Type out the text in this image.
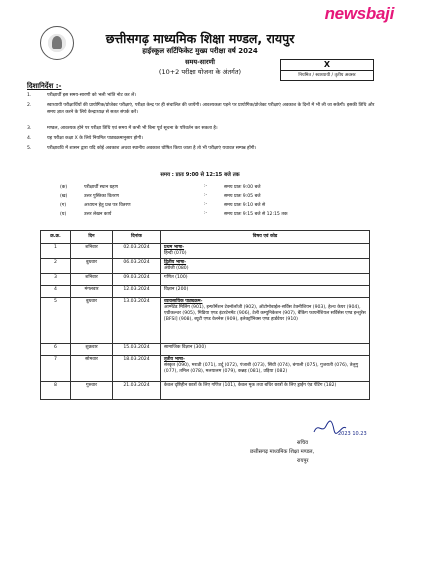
newsbaji
छत्तीसगढ़ माध्यमिक शिक्षा मण्डल, रायपुर
हाईस्कूल सर्टिफिकेट मुख्य परीक्षा वर्ष 2024
समय-सारणी
(10+2 परीक्षा योजना के अंतर्गत)
X
नियमित / स्वाध्यायी / तृतीय अवसर
दिशानिर्देश :-
1.	परीक्षार्थी इस समय-सारणी को भली भांति नोट कर लें।
2.	स्वाध्यायी परीक्षार्थियों की प्रायोगिक/प्रोजेक्ट परीक्षाएं, परीक्षा केन्द्र पर ही संचालित की जायेंगी। आवश्यकता पड़ने पर प्रायोगिक/प्रोजेक्ट परीक्षाएं अवकाश के दिनों में भी ली जा सकेंगी। इसकी तिथि और समय ज्ञात करने के लिये केन्द्राध्यक्ष से सतत संपर्क करें।
3.	मण्डल, आवश्यक होने पर परीक्षा तिथि एवं समय में कभी भी बिना पूर्व सूचना के परिवर्तन कर सकता है।
4.	यह परीक्षा कक्षा X के लिये नियमित पाठ्यक्रमानुसार होगी।
5.	परीक्षावधि में शासन द्वारा यदि कोई अवकाश अथवा स्थानीय अवकाश घोषित किया जाता है तो भी परीक्षाएं यथावत सम्पन्न होंगी।
समय : प्रातः 9:00 से 12:15 बजे तक
(क)	परीक्षार्थी स्थान ग्रहण	:-	समय प्रातः 9:00 बजे
(ख)	उत्तर पुस्तिका वितरण	:-	समय प्रातः 9:05 बजे
(ग)	अध्ययन हेतु प्रश्न पत्र वितरण	:-	समय प्रातः 9:10 बजे से
(घ)	उत्तर लेखन कार्य	:-	समय प्रातः 9:15 बजे से 12:15 तक
क्र.क्र.	दिन	दिनांक	विषय एवं कोड
1	शनिवार	02.03.2024	प्रथम भाषा-
हिन्दी (070)

2	बुधवार	06.03.2024	द्वितीय भाषा-
अंग्रेजी (080)

3	शनिवार	09.03.2024	गणित (100)

4	मंगलवार	12.03.2024	विज्ञान (200)

5	बुधवार	13.03.2024	व्यावसायिक पाठ्यक्रम-
आग्मेंटेड मिलिंग (901), इन्फॉर्मेशन टेक्नॉलॉजी (902), ऑटोमोबाईल-सर्विस टेक्नीशियन (903), हेल्थ केयर (904), एग्रीकल्चर (905), मिडिया एण्ड इंटरटेनमेंट (906), टेली कम्युनिकेशन (907), बैंकिंग फायनेंशियल सर्विसेस एण्ड इन्शुरेंस [BFSI] (908), ब्यूटी एण्ड वेलनेस (909), इलेक्ट्रॉनिक्स एण्ड हार्डवेयर (910)

6	शुक्रवार	15.03.2024	सामाजिक विज्ञान (300)

7	सोमवार	18.03.2024	तृतीय भाषा-
संस्कृत (090), मराठी (071), उर्दू (072), पंजाबी (073), सिंधी (074), बंगाली (075), गुजराती (076), तेलुगु (077), तमिल (078), मलयालम (079), कन्नड़ (081), उड़िया (082)

8	गुरुवार	21.03.2024	केवल दृष्टिहीन छात्रों के लिए गणित (101), केवल मूक तथा बधिर छात्रों के लिए ड्राईंग एंड पेंटिंग (182)
2023 10.23
सचिव
छत्तीसगढ़ माध्यमिक शिक्षा मण्डल,
रायपुर
